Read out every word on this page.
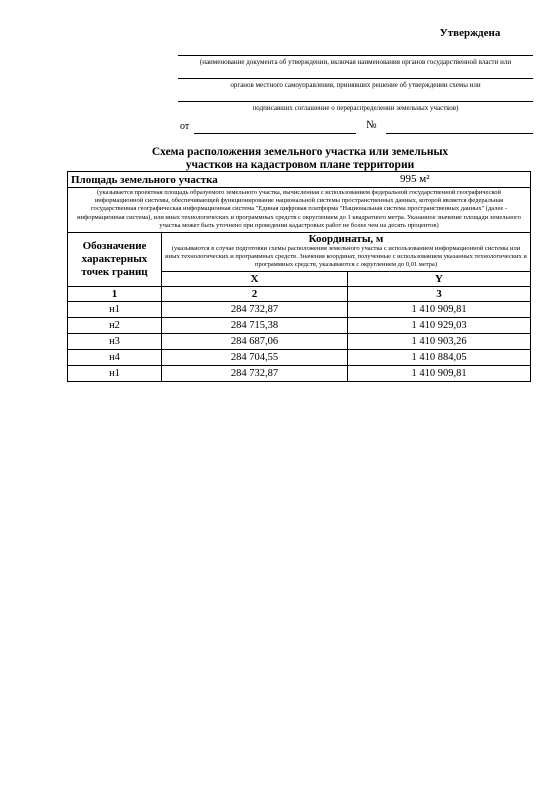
Утверждена
(наименование документа об утверждении, включая наименования органов государственной власти или
органов местного самоуправления, принявших решение об утверждении схемы или
подписавших соглашение о перераспределении земельных участков)
от	№
Схема расположения земельного участка или земельных
участков на кадастровом плане территории
Площадь земельного участка 995 м²		

(указывается проектная площадь образуемого земельного участка, вычисленная с использованием федеральной государственной географической информационной системы, обеспечивающей функционирование национальной системы пространственных данных, которой является федеральная государственная географическая информационная система "Единая цифровая платформа "Национальная система пространственных данных" (далее - информационная система), или иных технологических и программных средств с округлением до 1 квадратного метра. Указанное значение площади земельного участка может быть уточнено при проведении кадастровых работ не более чем на десять процентов)		
Обозначение характерных точек границ	Координаты, м
(указываются в случае подготовки схемы расположения земельного участка с использованием информационной системы или иных технологических и программных средств. Значения координат, полученные с использованием указанных технологических и программных средств, указываются с округлением до 0,01 метра)	

	X	Y
1	2	3
н1	284 732,87	1 410 909,81
н2	284 715,38	1 410 929,03
н3	284 687,06	1 410 903,26
н4	284 704,55	1 410 884,05
н1	284 732,87	1 410 909,81
